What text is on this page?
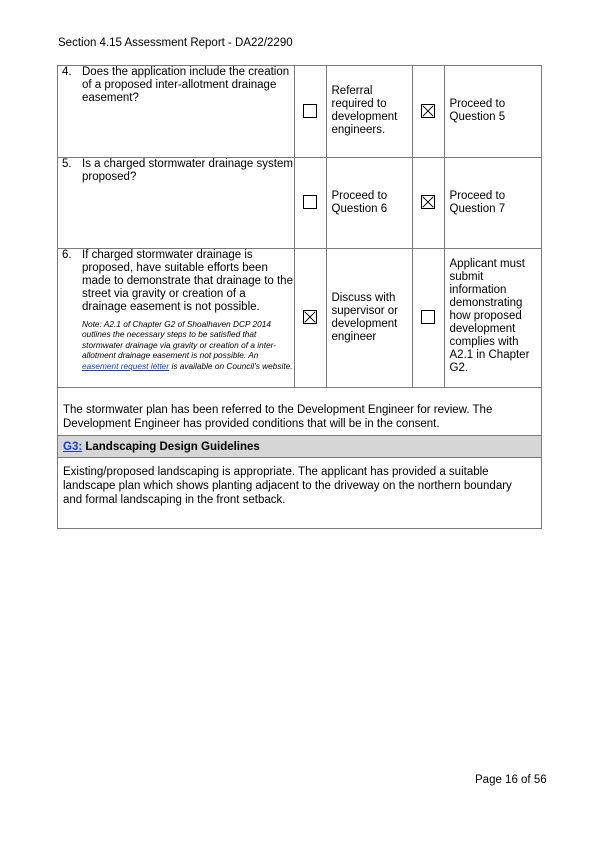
Section 4.15 Assessment Report - DA22/2290
4. Does the application include the creation of a proposed inter-allotment drainage easement?		Referral required to development engineers.		Proceed to Question 5

5. Is a charged stormwater drainage system proposed?		Proceed to Question 6		Proceed to Question 7

6. If charged stormwater drainage is proposed, have suitable efforts been made to demonstrate that drainage to the street via gravity or creation of a drainage easement is not possible.
Note: A2.1 of Chapter G2 of Shoalhaven DCP 2014 outlines the necessary steps to be satisfied that stormwater drainage via gravity or creation of a inter-allotment drainage easement is not possible. An easement request letter is available on Council’s website.		Discuss with supervisor or development engineer		Applicant must submit information demonstrating how proposed development complies with A2.1 in Chapter G2.
The stormwater plan has been referred to the Development Engineer for review. The Development Engineer has provided conditions that will be in the consent.
G3: Landscaping Design Guidelines
Existing/proposed landscaping is appropriate. The applicant has provided a suitable landscape plan which shows planting adjacent to the driveway on the northern boundary and formal landscaping in the front setback.
Page 16 of 56
